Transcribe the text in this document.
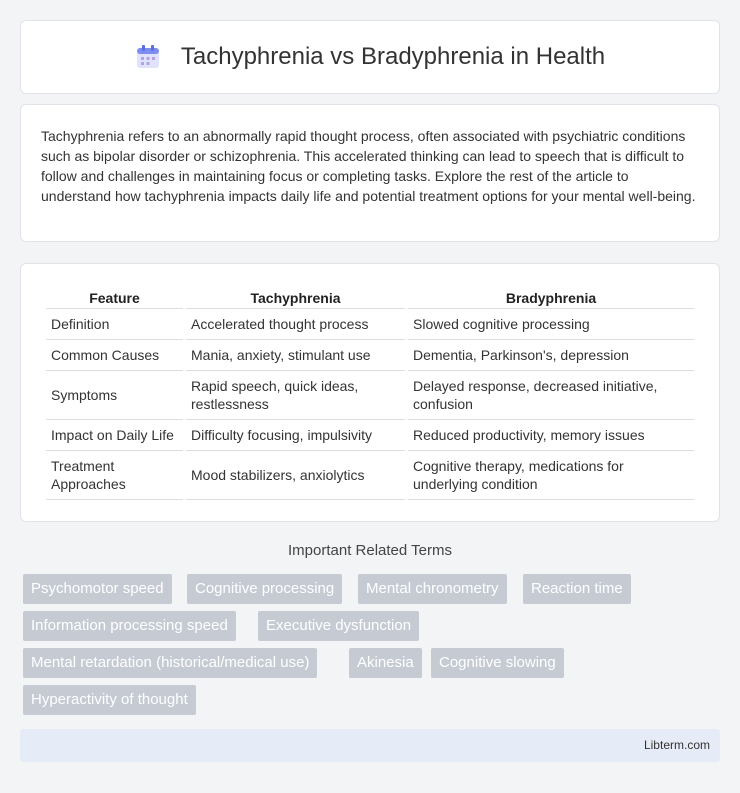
Tachyphrenia vs Bradyphrenia in Health

Tachyphrenia refers to an abnormally rapid thought process, often associated with psychiatric conditions such as bipolar disorder or schizophrenia. This accelerated thinking can lead to speech that is difficult to follow and challenges in maintaining focus or completing tasks. Explore the rest of the article to understand how tachyphrenia impacts daily life and potential treatment options for your mental well-being.

Feature	Tachyphrenia	Bradyphrenia
Definition	Accelerated thought process	Slowed cognitive processing
Common Causes	Mania, anxiety, stimulant use	Dementia, Parkinson's, depression
Symptoms	Rapid speech, quick ideas, restlessness	Delayed response, decreased initiative, confusion
Impact on Daily Life	Difficulty focusing, impulsivity	Reduced productivity, memory issues
Treatment Approaches	Mood stabilizers, anxiolytics	Cognitive therapy, medications for underlying condition
Important Related Terms
Psychomotor speed	Cognitive processing	Mental chronometry	Reaction time
Information processing speed	Executive dysfunction
Mental retardation (historical/medical use)	Akinesia	Cognitive slowing
Hyperactivity of thought
Libterm.com
